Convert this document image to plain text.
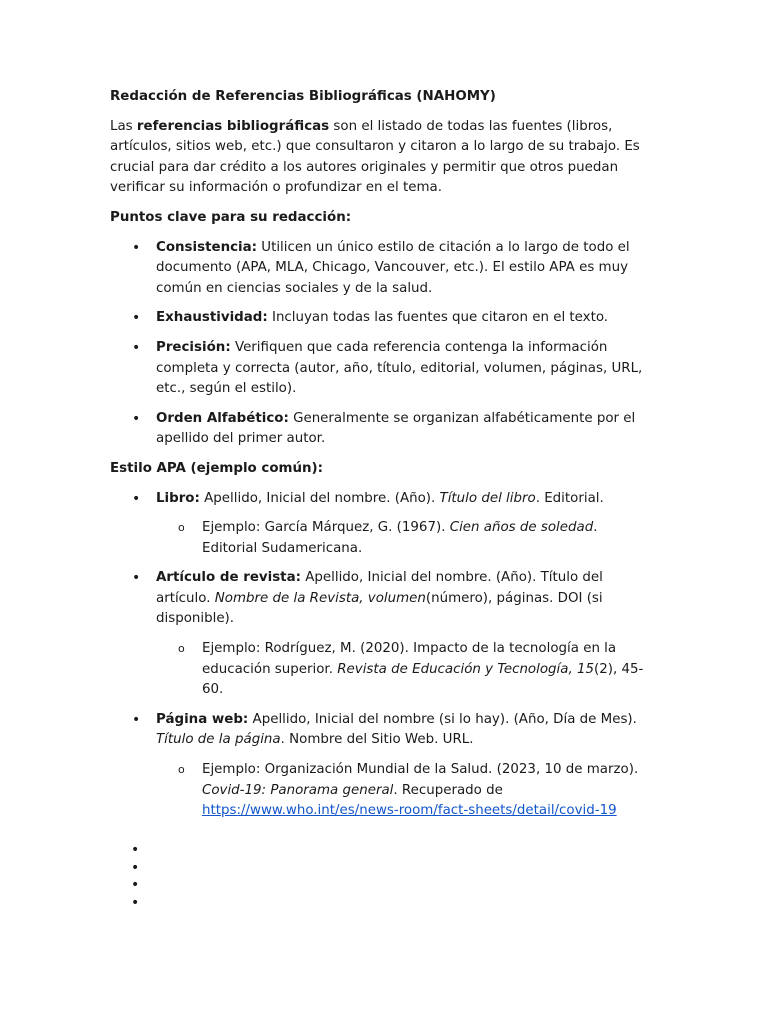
Redacción de Referencias Bibliográficas (NAHOMY)

Las referencias bibliográficas son el listado de todas las fuentes (libros, artículos, sitios web, etc.) que consultaron y citaron a lo largo de su trabajo. Es crucial para dar crédito a los autores originales y permitir que otros puedan verificar su información o profundizar en el tema.

Puntos clave para su redacción:

• Consistencia: Utilicen un único estilo de citación a lo largo de todo el documento (APA, MLA, Chicago, Vancouver, etc.). El estilo APA es muy común en ciencias sociales y de la salud.
• Exhaustividad: Incluyan todas las fuentes que citaron en el texto.
• Precisión: Verifiquen que cada referencia contenga la información completa y correcta (autor, año, título, editorial, volumen, páginas, URL, etc., según el estilo).
• Orden Alfabético: Generalmente se organizan alfabéticamente por el apellido del primer autor.

Estilo APA (ejemplo común):

• Libro: Apellido, Inicial del nombre. (Año). Título del libro. Editorial.
o Ejemplo: García Márquez, G. (1967). Cien años de soledad. Editorial Sudamericana.
• Artículo de revista: Apellido, Inicial del nombre. (Año). Título del artículo. Nombre de la Revista, volumen(número), páginas. DOI (si disponible).
o Ejemplo: Rodríguez, M. (2020). Impacto de la tecnología en la educación superior. Revista de Educación y Tecnología, 15(2), 45-60.
• Página web: Apellido, Inicial del nombre (si lo hay). (Año, Día de Mes). Título de la página. Nombre del Sitio Web. URL.
o Ejemplo: Organización Mundial de la Salud. (2023, 10 de marzo). Covid-19: Panorama general. Recuperado de https://www.who.int/es/news-room/fact-sheets/detail/covid-19
•
•
•
•
